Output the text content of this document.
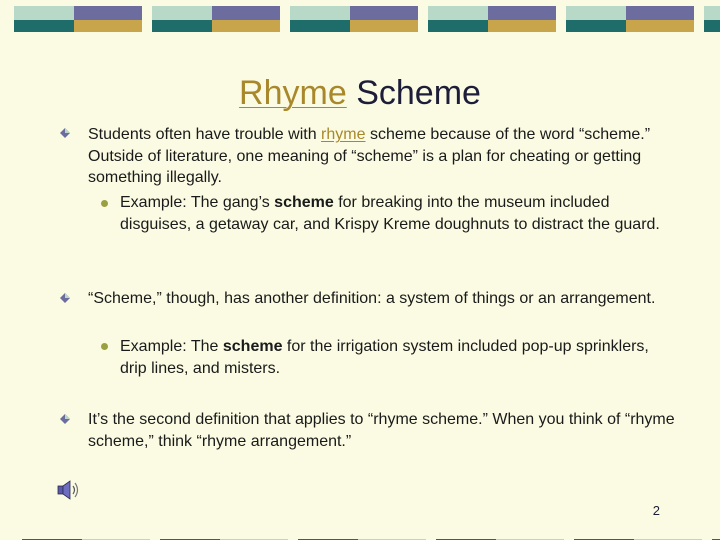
Rhyme Scheme
Students often have trouble with rhyme scheme because of the word “scheme.” Outside of literature, one meaning of “scheme” is a plan for cheating or getting something illegally.
Example: The gang’s scheme for breaking into the museum included disguises, a getaway car, and Krispy Kreme doughnuts to distract the guard.
“Scheme,” though, has another definition: a system of things or an arrangement.
Example: The scheme for the irrigation system included pop-up sprinklers, drip lines, and misters.
It’s the second definition that applies to “rhyme scheme.” When you think of “rhyme scheme,” think “rhyme arrangement.”
2
